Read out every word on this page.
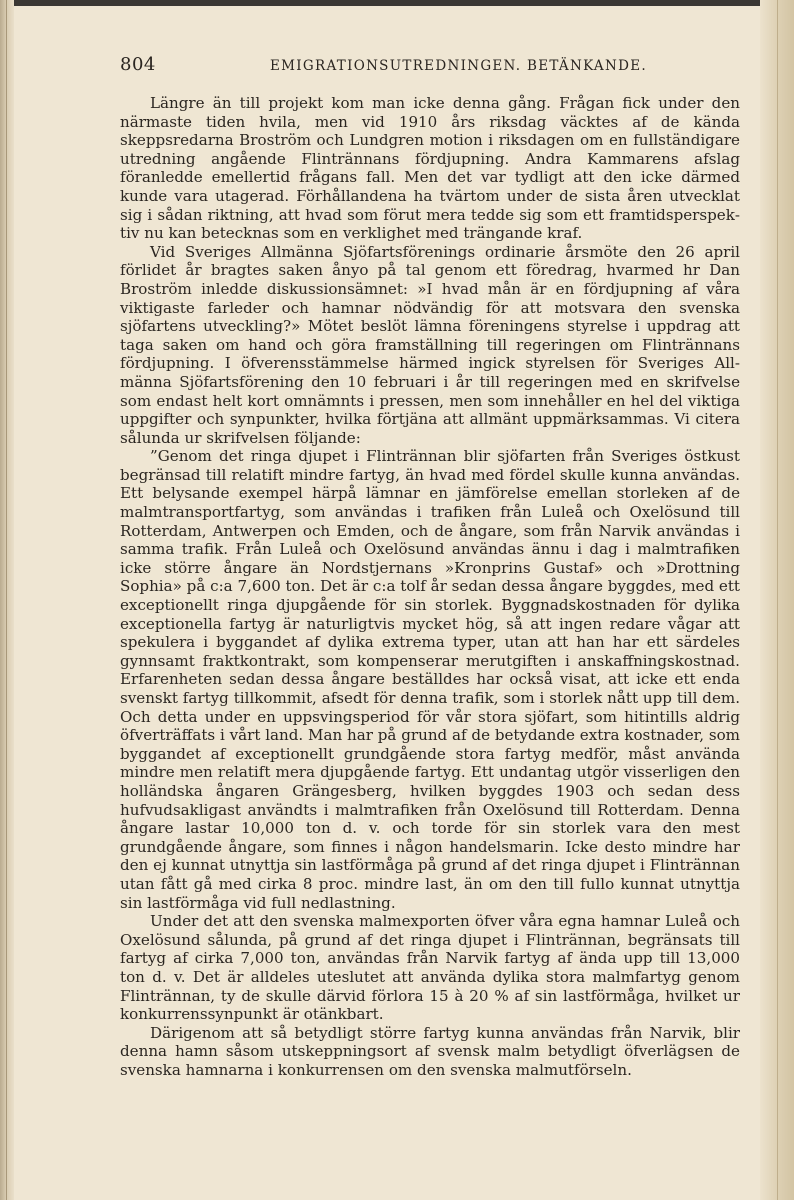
804	EMIGRATIONSUTREDNINGEN. BETÄNKANDE.

Längre än till projekt kom man icke denna gång. Frågan fick under den närmaste tiden hvila, men vid 1910 års riksdag väcktes af de kända skeppsredarna Broström och Lundgren motion i riksdagen om en fullständigare utredning angående Flintrännans fördjupning. Andra Kammarens afslag föranledde emellertid frågans fall. Men det var tydligt att den icke därmed kunde vara utagerad. Förhållandena ha tvärtom under de sista åren utvecklat sig i sådan riktning, att hvad som förut mera tedde sig som ett framtidsperspektiv nu kan betecknas som en verklighet med trängande kraf.

Vid Sveriges Allmänna Sjöfartsförenings ordinarie årsmöte den 26 april förlidet år bragtes saken ånyo på tal genom ett föredrag, hvarmed hr Dan Broström inledde diskussionsämnet: »I hvad mån är en fördjupning af våra viktigaste farleder och hamnar nödvändig för att motsvara den svenska sjöfartens utveckling?» Mötet beslöt lämna föreningens styrelse i uppdrag att taga saken om hand och göra framställning till regeringen om Flintrännans fördjupning. I öfverensstämmelse härmed ingick styrelsen för Sveriges Allmänna Sjöfartsförening den 10 februari i år till regeringen med en skrifvelse som endast helt kort omnämnts i pressen, men som innehåller en hel del viktiga uppgifter och synpunkter, hvilka förtjäna att allmänt uppmärksammas. Vi citera sålunda ur skrifvelsen följande:

”Genom det ringa djupet i Flintrännan blir sjöfarten från Sveriges östkust begränsad till relatift mindre fartyg, än hvad med fördel skulle kunna användas. Ett belysande exempel härpå lämnar en jämförelse emellan storleken af de malmtransportfartyg, som användas i trafiken från Luleå och Oxelösund till Rotterdam, Antwerpen och Emden, och de ångare, som från Narvik användas i samma trafik. Från Luleå och Oxelösund användas ännu i dag i malmtrafiken icke större ångare än Nordstjernans »Kronprins Gustaf» och »Drottning Sophia» på c:a 7,600 ton. Det är c:a tolf år sedan dessa ångare byggdes, med ett exceptionellt ringa djupgående för sin storlek. Byggnadskostnaden för dylika exceptionella fartyg är naturligtvis mycket hög, så att ingen redare vågar att spekulera i byggandet af dylika extrema typer, utan att han har ett särdeles gynnsamt fraktkontrakt, som kompenserar merutgiften i anskaffningskostnad. Erfarenheten sedan dessa ångare beställdes har också visat, att icke ett enda svenskt fartyg tillkommit, afsedt för denna trafik, som i storlek nått upp till dem. Och detta under en uppsvingsperiod för vår stora sjöfart, som hitintills aldrig öfverträffats i vårt land. Man har på grund af de betydande extra kostnader, som byggandet af exceptionellt grundgående stora fartyg medför, måst använda mindre men relatift mera djupgående fartyg. Ett undantag utgör visserligen den holländska ångaren Grängesberg, hvilken byggdes 1903 och sedan dess hufvudsakligast användts i malmtrafiken från Oxelösund till Rotterdam. Denna ångare lastar 10,000 ton d. v. och torde för sin storlek vara den mest grundgående ångare, som finnes i någon handelsmarin. Icke desto mindre har den ej kunnat utnyttja sin lastförmåga på grund af det ringa djupet i Flintrännan utan fått gå med cirka 8 proc. mindre last, än om den till fullo kunnat utnyttja sin lastförmåga vid full nedlastning.

Under det att den svenska malmexporten öfver våra egna hamnar Luleå och Oxelösund sålunda, på grund af det ringa djupet i Flintrännan, begränsats till fartyg af cirka 7,000 ton, användas från Narvik fartyg af ända upp till 13,000 ton d. v. Det är alldeles uteslutet att använda dylika stora malmfartyg genom Flintrännan, ty de skulle därvid förlora 15 à 20 % af sin lastförmåga, hvilket ur konkurrenssynpunkt är otänkbart.

Därigenom att så betydligt större fartyg kunna användas från Narvik, blir denna hamn såsom utskeppningsort af svensk malm betydligt öfverlägsen de svenska hamnarna i konkurrensen om den svenska malmutförseln.
